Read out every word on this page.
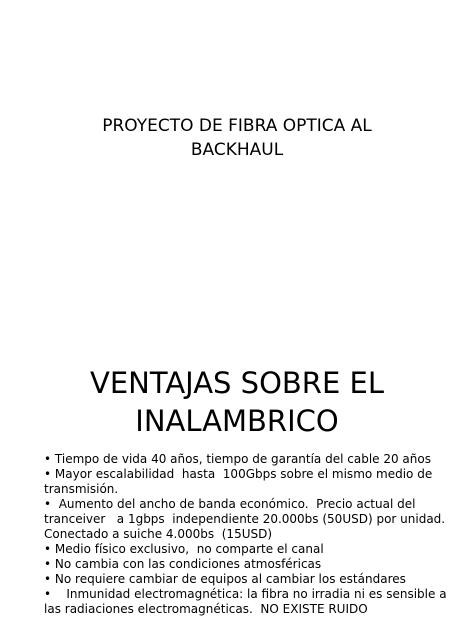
PROYECTO DE FIBRA OPTICA AL
BACKHAUL
VENTAJAS SOBRE EL
INALAMBRICO
• Tiempo de vida 40 años, tiempo de garantía del cable 20 años
• Mayor escalabilidad  hasta  100Gbps sobre el mismo medio de transmisión.
•  Aumento del ancho de banda económico.  Precio actual del tranceiver   a 1gbps  independiente 20.000bs (50USD) por unidad.  Conectado a suiche 4.000bs  (15USD)
• Medio físico exclusivo,  no comparte el canal
• No cambia con las condiciones atmosféricas
• No requiere cambiar de equipos al cambiar los estándares
•    Inmunidad electromagnética: la fibra no irradia ni es sensible a las radiaciones electromagnéticas.  NO EXISTE RUIDO
